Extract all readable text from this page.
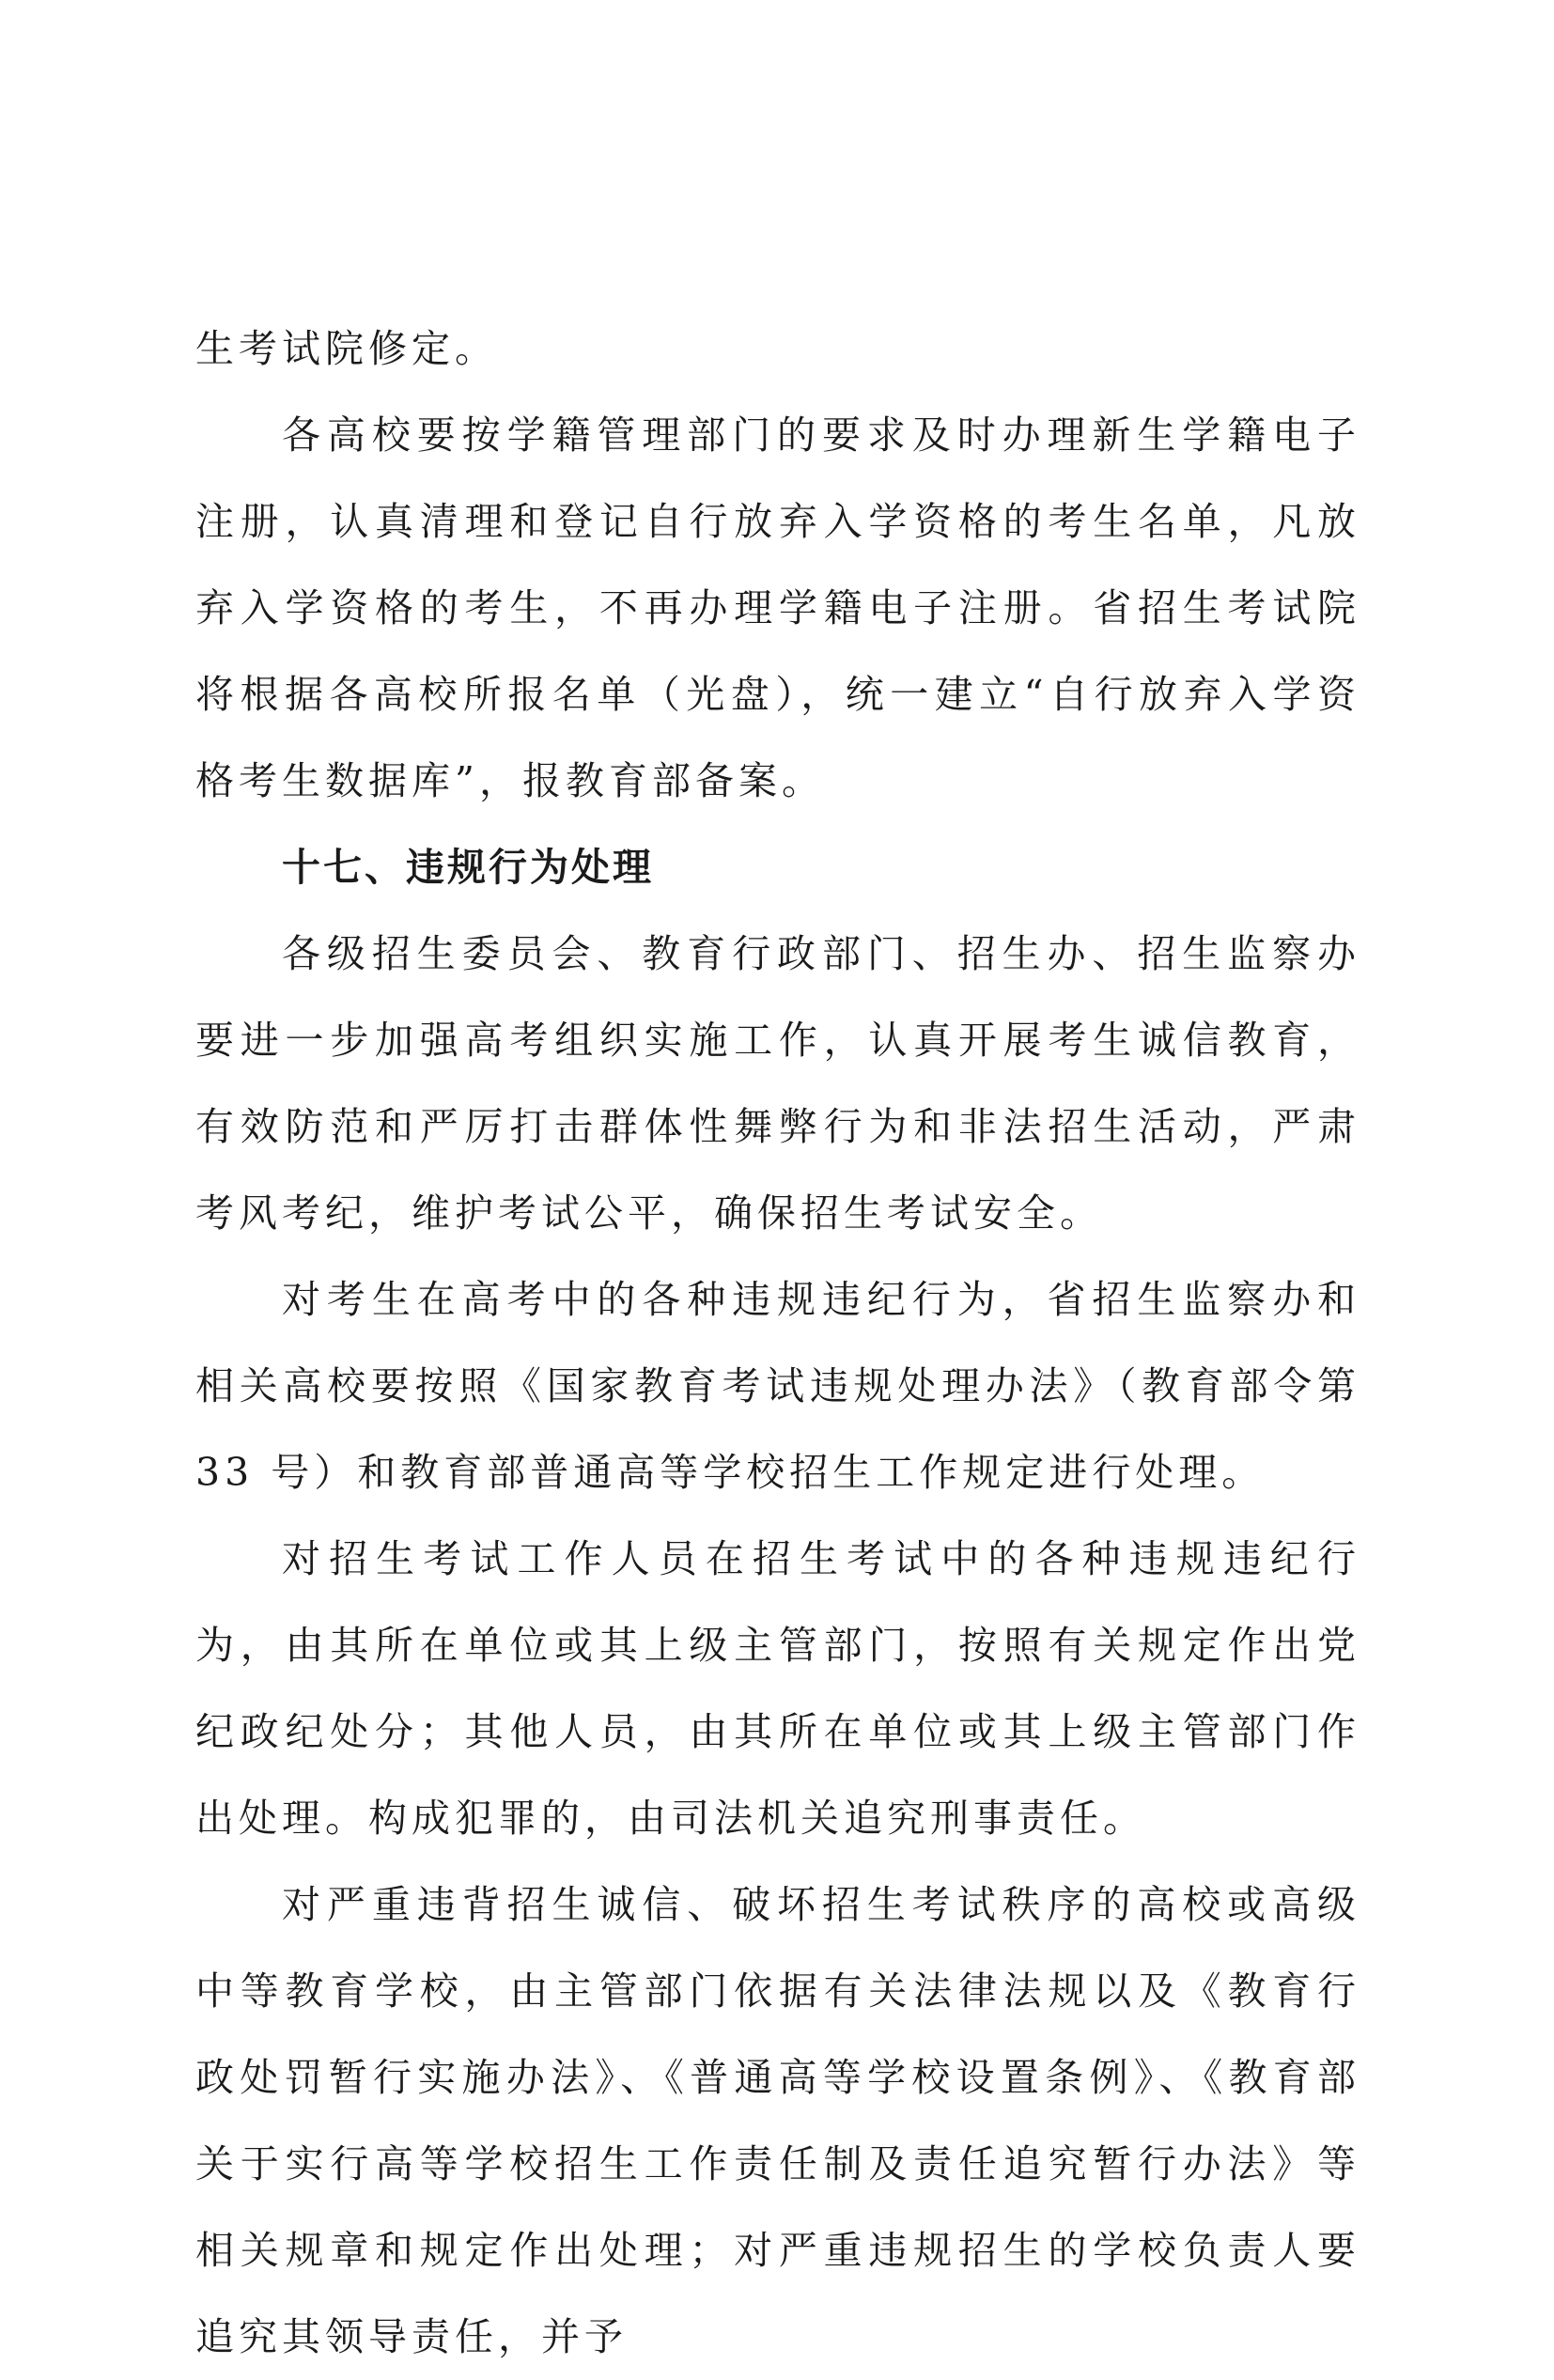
生考试院修定。

各高校要按学籍管理部门的要求及时办理新生学籍电子注册，认真清理和登记自行放弃入学资格的考生名单，凡放弃入学资格的考生，不再办理学籍电子注册。省招生考试院将根据各高校所报名单（光盘），统一建立“自行放弃入学资格考生数据库”，报教育部备案。

十七、违规行为处理

各级招生委员会、教育行政部门、招生办、招生监察办要进一步加强高考组织实施工作，认真开展考生诚信教育，有效防范和严厉打击群体性舞弊行为和非法招生活动，严肃考风考纪，维护考试公平，确保招生考试安全。

对考生在高考中的各种违规违纪行为，省招生监察办和相关高校要按照《国家教育考试违规处理办法》（教育部令第 33 号）和教育部普通高等学校招生工作规定进行处理。

对招生考试工作人员在招生考试中的各种违规违纪行为，由其所在单位或其上级主管部门，按照有关规定作出党纪政纪处分；其他人员，由其所在单位或其上级主管部门作出处理。构成犯罪的，由司法机关追究刑事责任。

对严重违背招生诚信、破坏招生考试秩序的高校或高级中等教育学校，由主管部门依据有关法律法规以及《教育行政处罚暂行实施办法》、《普通高等学校设置条例》、《教育部关于实行高等学校招生工作责任制及责任追究暂行办法》等相关规章和规定作出处理；对严重违规招生的学校负责人要追究其领导责任，并予
